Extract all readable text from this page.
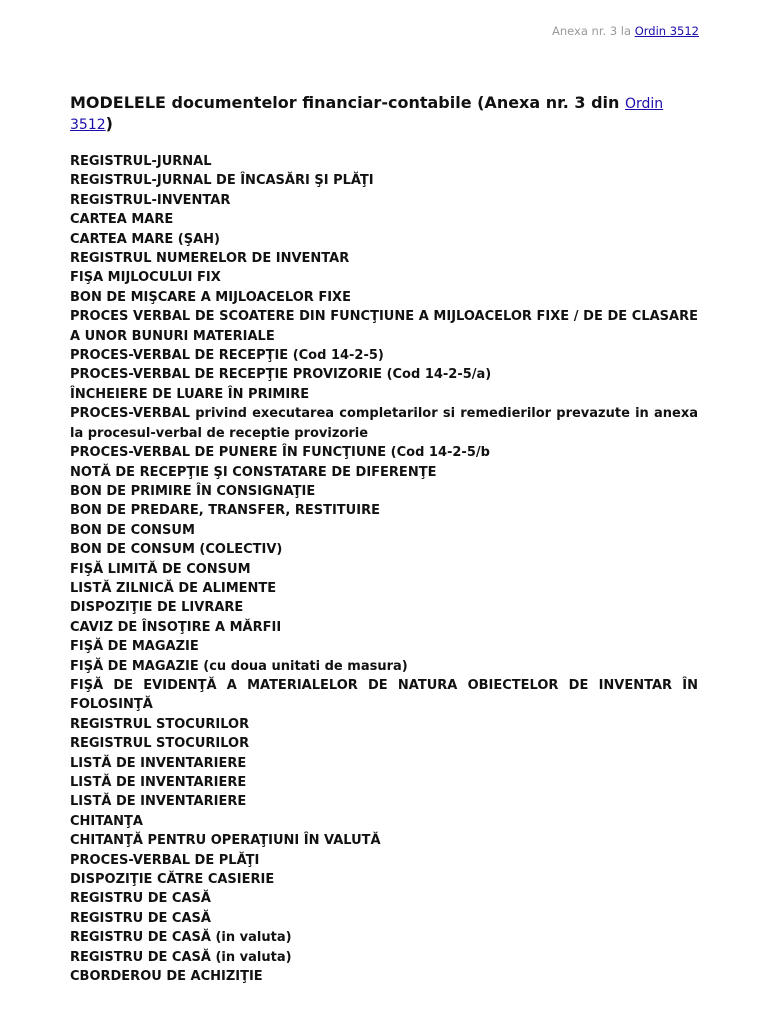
Anexa nr. 3 la Ordin 3512
MODELELE documentelor financiar-contabile (Anexa nr. 3 din Ordin 3512)
REGISTRUL-JURNAL
REGISTRUL-JURNAL DE ÎNCASĂRI ŞI PLĂŢI
REGISTRUL-INVENTAR
CARTEA MARE
CARTEA MARE (ŞAH)
REGISTRUL NUMERELOR DE INVENTAR
FIŞA MIJLOCULUI FIX
BON DE MIŞCARE A MIJLOACELOR FIXE
PROCES VERBAL DE SCOATERE DIN FUNCŢIUNE A MIJLOACELOR FIXE / DE DE CLASARE A UNOR BUNURI MATERIALE
PROCES-VERBAL DE RECEPŢIE (Cod 14-2-5)
PROCES-VERBAL DE RECEPŢIE PROVIZORIE (Cod 14-2-5/a)
ÎNCHEIERE DE LUARE ÎN PRIMIRE
PROCES-VERBAL privind executarea completarilor si remedierilor prevazute in anexa la procesul-verbal de receptie provizorie
PROCES-VERBAL DE PUNERE ÎN FUNCŢIUNE (Cod 14-2-5/b
NOTĂ DE RECEPŢIE ŞI CONSTATARE DE DIFERENŢE
BON DE PRIMIRE ÎN CONSIGNAŢIE
BON DE PREDARE, TRANSFER, RESTITUIRE
BON DE CONSUM
BON DE CONSUM (COLECTIV)
FIŞĂ LIMITĂ DE CONSUM
LISTĂ ZILNICĂ DE ALIMENTE
DISPOZIŢIE DE LIVRARE
CAVIZ DE ÎNSOŢIRE A MĂRFII
FIŞĂ DE MAGAZIE
FIŞĂ DE MAGAZIE (cu doua unitati de masura)
FIŞĂ DE EVIDENŢĂ A MATERIALELOR DE NATURA OBIECTELOR DE INVENTAR ÎN FOLOSINŢĂ
REGISTRUL STOCURILOR
REGISTRUL STOCURILOR
LISTĂ DE INVENTARIERE
LISTĂ DE INVENTARIERE
LISTĂ DE INVENTARIERE
CHITANŢA
CHITANŢĂ PENTRU OPERAŢIUNI ÎN VALUTĂ
PROCES-VERBAL DE PLĂŢI
DISPOZIŢIE CĂTRE CASIERIE
REGISTRU DE CASĂ
REGISTRU DE CASĂ
REGISTRU DE CASĂ (in valuta)
REGISTRU DE CASĂ (in valuta)
CBORDEROU DE ACHIZIŢIE
